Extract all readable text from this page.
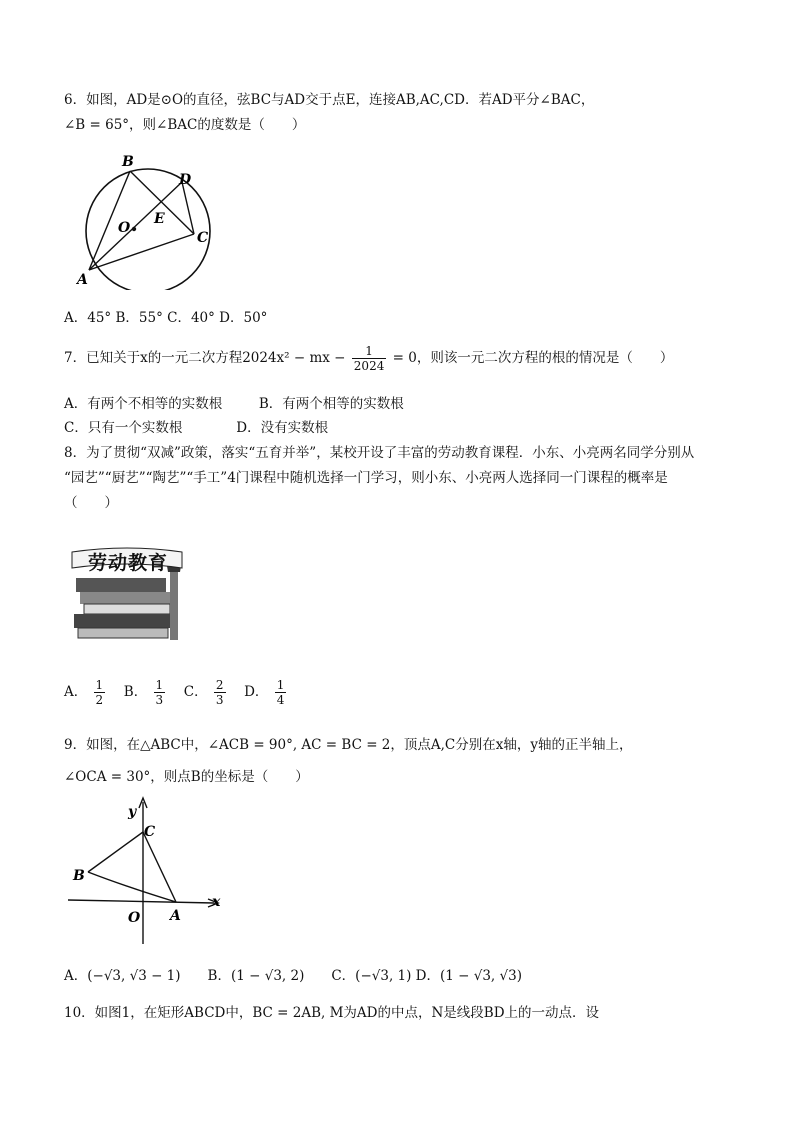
6．如图，AD是⊙O的直径，弦BC与AD交于点E，连接AB,AC,CD．若AD平分∠BAC，
∠B = 65°，则∠BAC的度数是（　　）
B
D
O
E
C
A
A．45° B．55° C．40° D．50°
7．已知关于x的一元二次方程2024x² − mx − $\frac{1}{2024} = 0$，则该一元二次方程的根的情况是（　　）
A．有两个不相等的实数根	B．有两个相等的实数根
C．只有一个实数根	D．没有实数根
8．为了贯彻“双减”政策，落实“五育并举”，某校开设了丰富的劳动教育课程．小东、小亮两名同学分别从
“园艺”“厨艺”“陶艺”“手工”4门课程中随机选择一门学习，则小东、小亮两人选择同一门课程的概率是
（　　）
劳动教育
A． $\frac{1}{2}$ B． $\frac{1}{3}$ C． $\frac{2}{3}$ D． $\frac{1}{4}$
9．如图，在△ABC中，∠ACB = 90°, AC = BC = 2，顶点A,C分别在x轴，y轴的正半轴上，
∠OCA = 30°，则点B的坐标是（　　）
y
C
B
O A
x
A．(−√3, √3 − 1)　　B．(1 − √3, 2)　　C．(−√3, 1) D．(1 − √3, √3)
10．如图1，在矩形ABCD中，BC = 2AB, M为AD的中点，N是线段BD上的一动点．设
